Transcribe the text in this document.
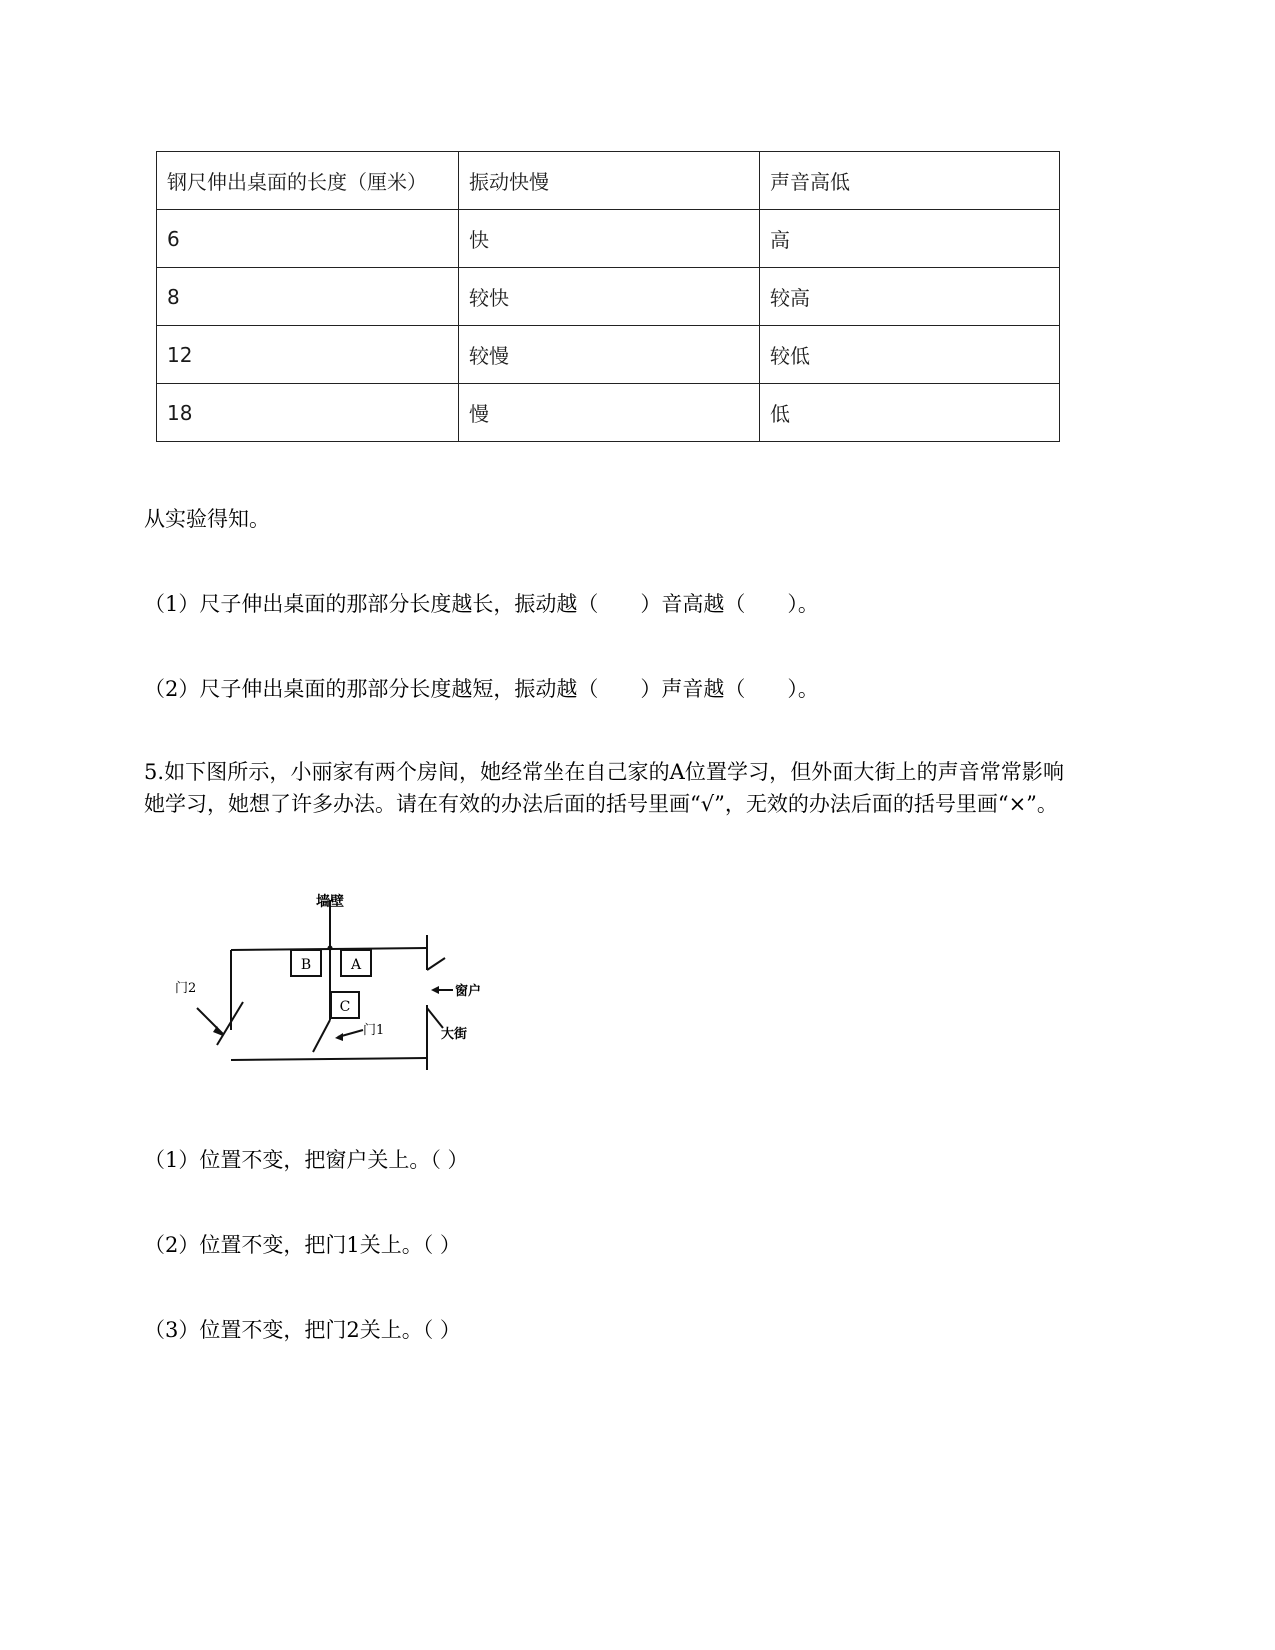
钢尺伸出桌面的长度（厘米）	振动快慢	声音高低
6	快	高
8	较快	较高
12	较慢	较低
18	慢	低
从实验得知。
（1）尺子伸出桌面的那部分长度越长，振动越（　　）音高越（　　）。
（2）尺子伸出桌面的那部分长度越短，振动越（　　）声音越（　　）。
5.如下图所示，小丽家有两个房间，她经常坐在自己家的A位置学习，但外面大街上的声音常常影响她学习，她想了许多办法。请在有效的办法后面的括号里画“√”，无效的办法后面的括号里画“×”。
墙壁
B	A
C
门2
门1
窗户
大街
（1）位置不变，把窗户关上。（ ）
（2）位置不变，把门1关上。（ ）
（3）位置不变，把门2关上。（ ）
